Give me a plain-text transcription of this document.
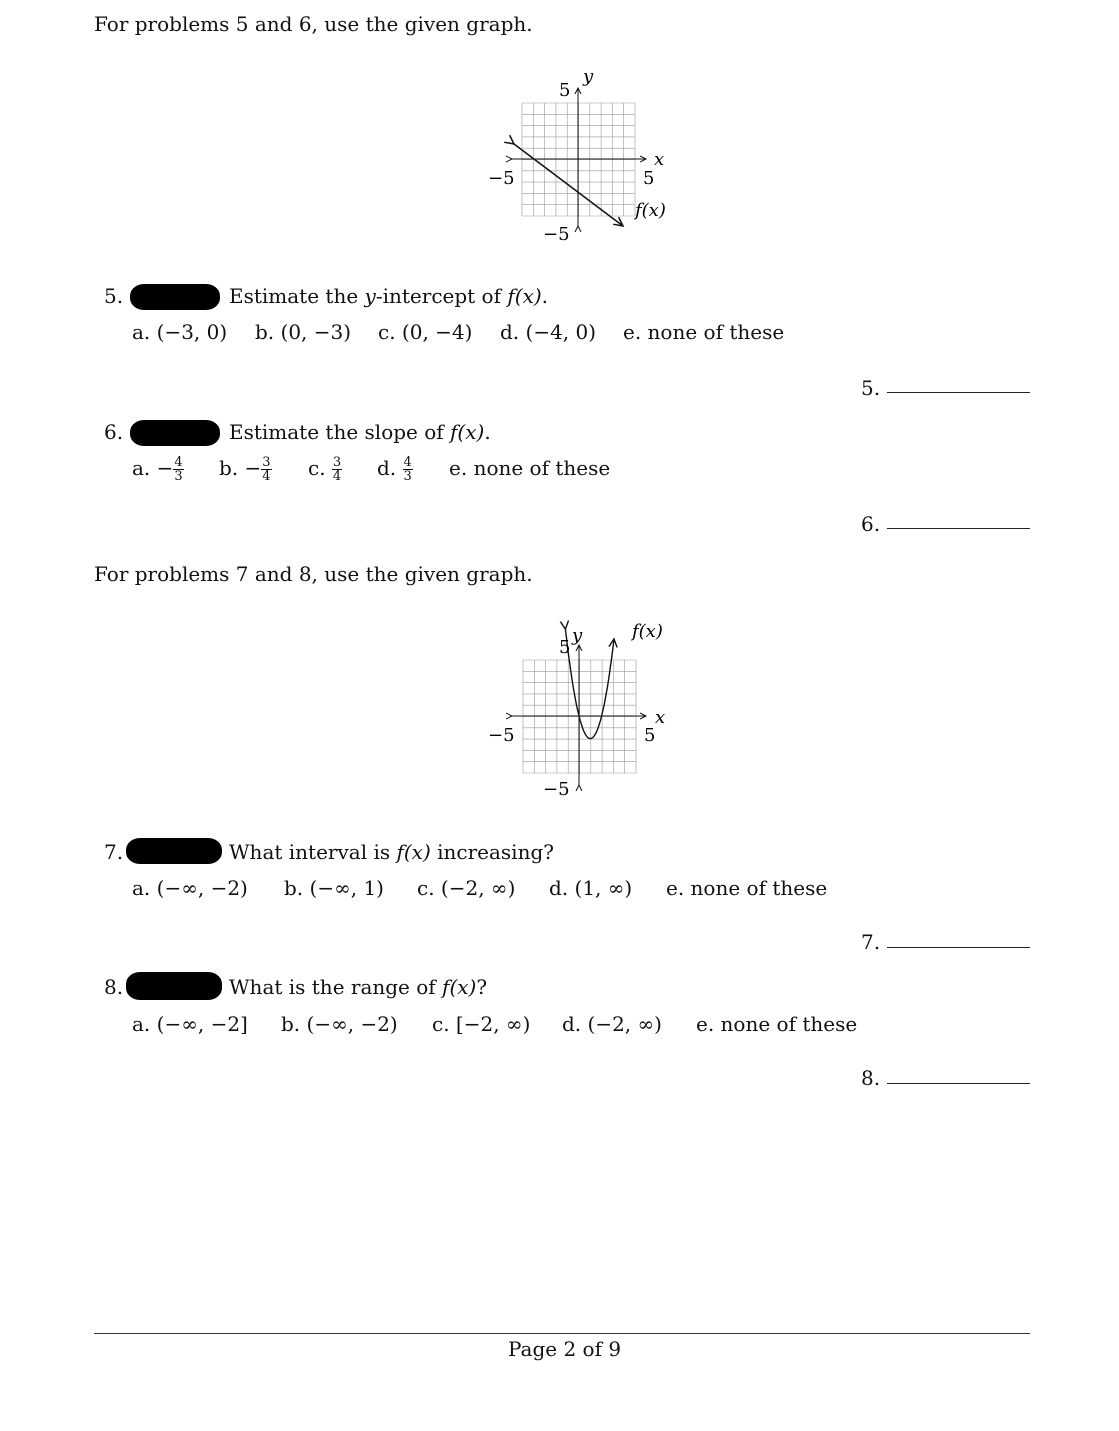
For problems 5 and 6, use the given graph.
y
5
x
−5	5
−5
f(x)
5.	Estimate the y-intercept of f(x).
a. (−3, 0) b. (0, −3) c. (0, −4) d. (−4, 0) e. none of these
5.
6.	Estimate the slope of f(x).
a. − $\frac{4}{3} b$. − $\frac{3}{4} c$. $\frac{3}{4} d$. $\frac{4}{3} e$. none of these
6.
For problems 7 and 8, use the given graph.
y
5
f(x)
x
−5	5
−5
7.	What interval is f(x) increasing?
a. (−∞, −2) b. (−∞, 1) c. (−2, ∞) d. (1, ∞) e. none of these
7.
8.	What is the range of f(x)?
a. (−∞, −2] b. (−∞, −2) c. [−2, ∞) d. (−2, ∞) e. none of these
8.
Page 2 of 9
